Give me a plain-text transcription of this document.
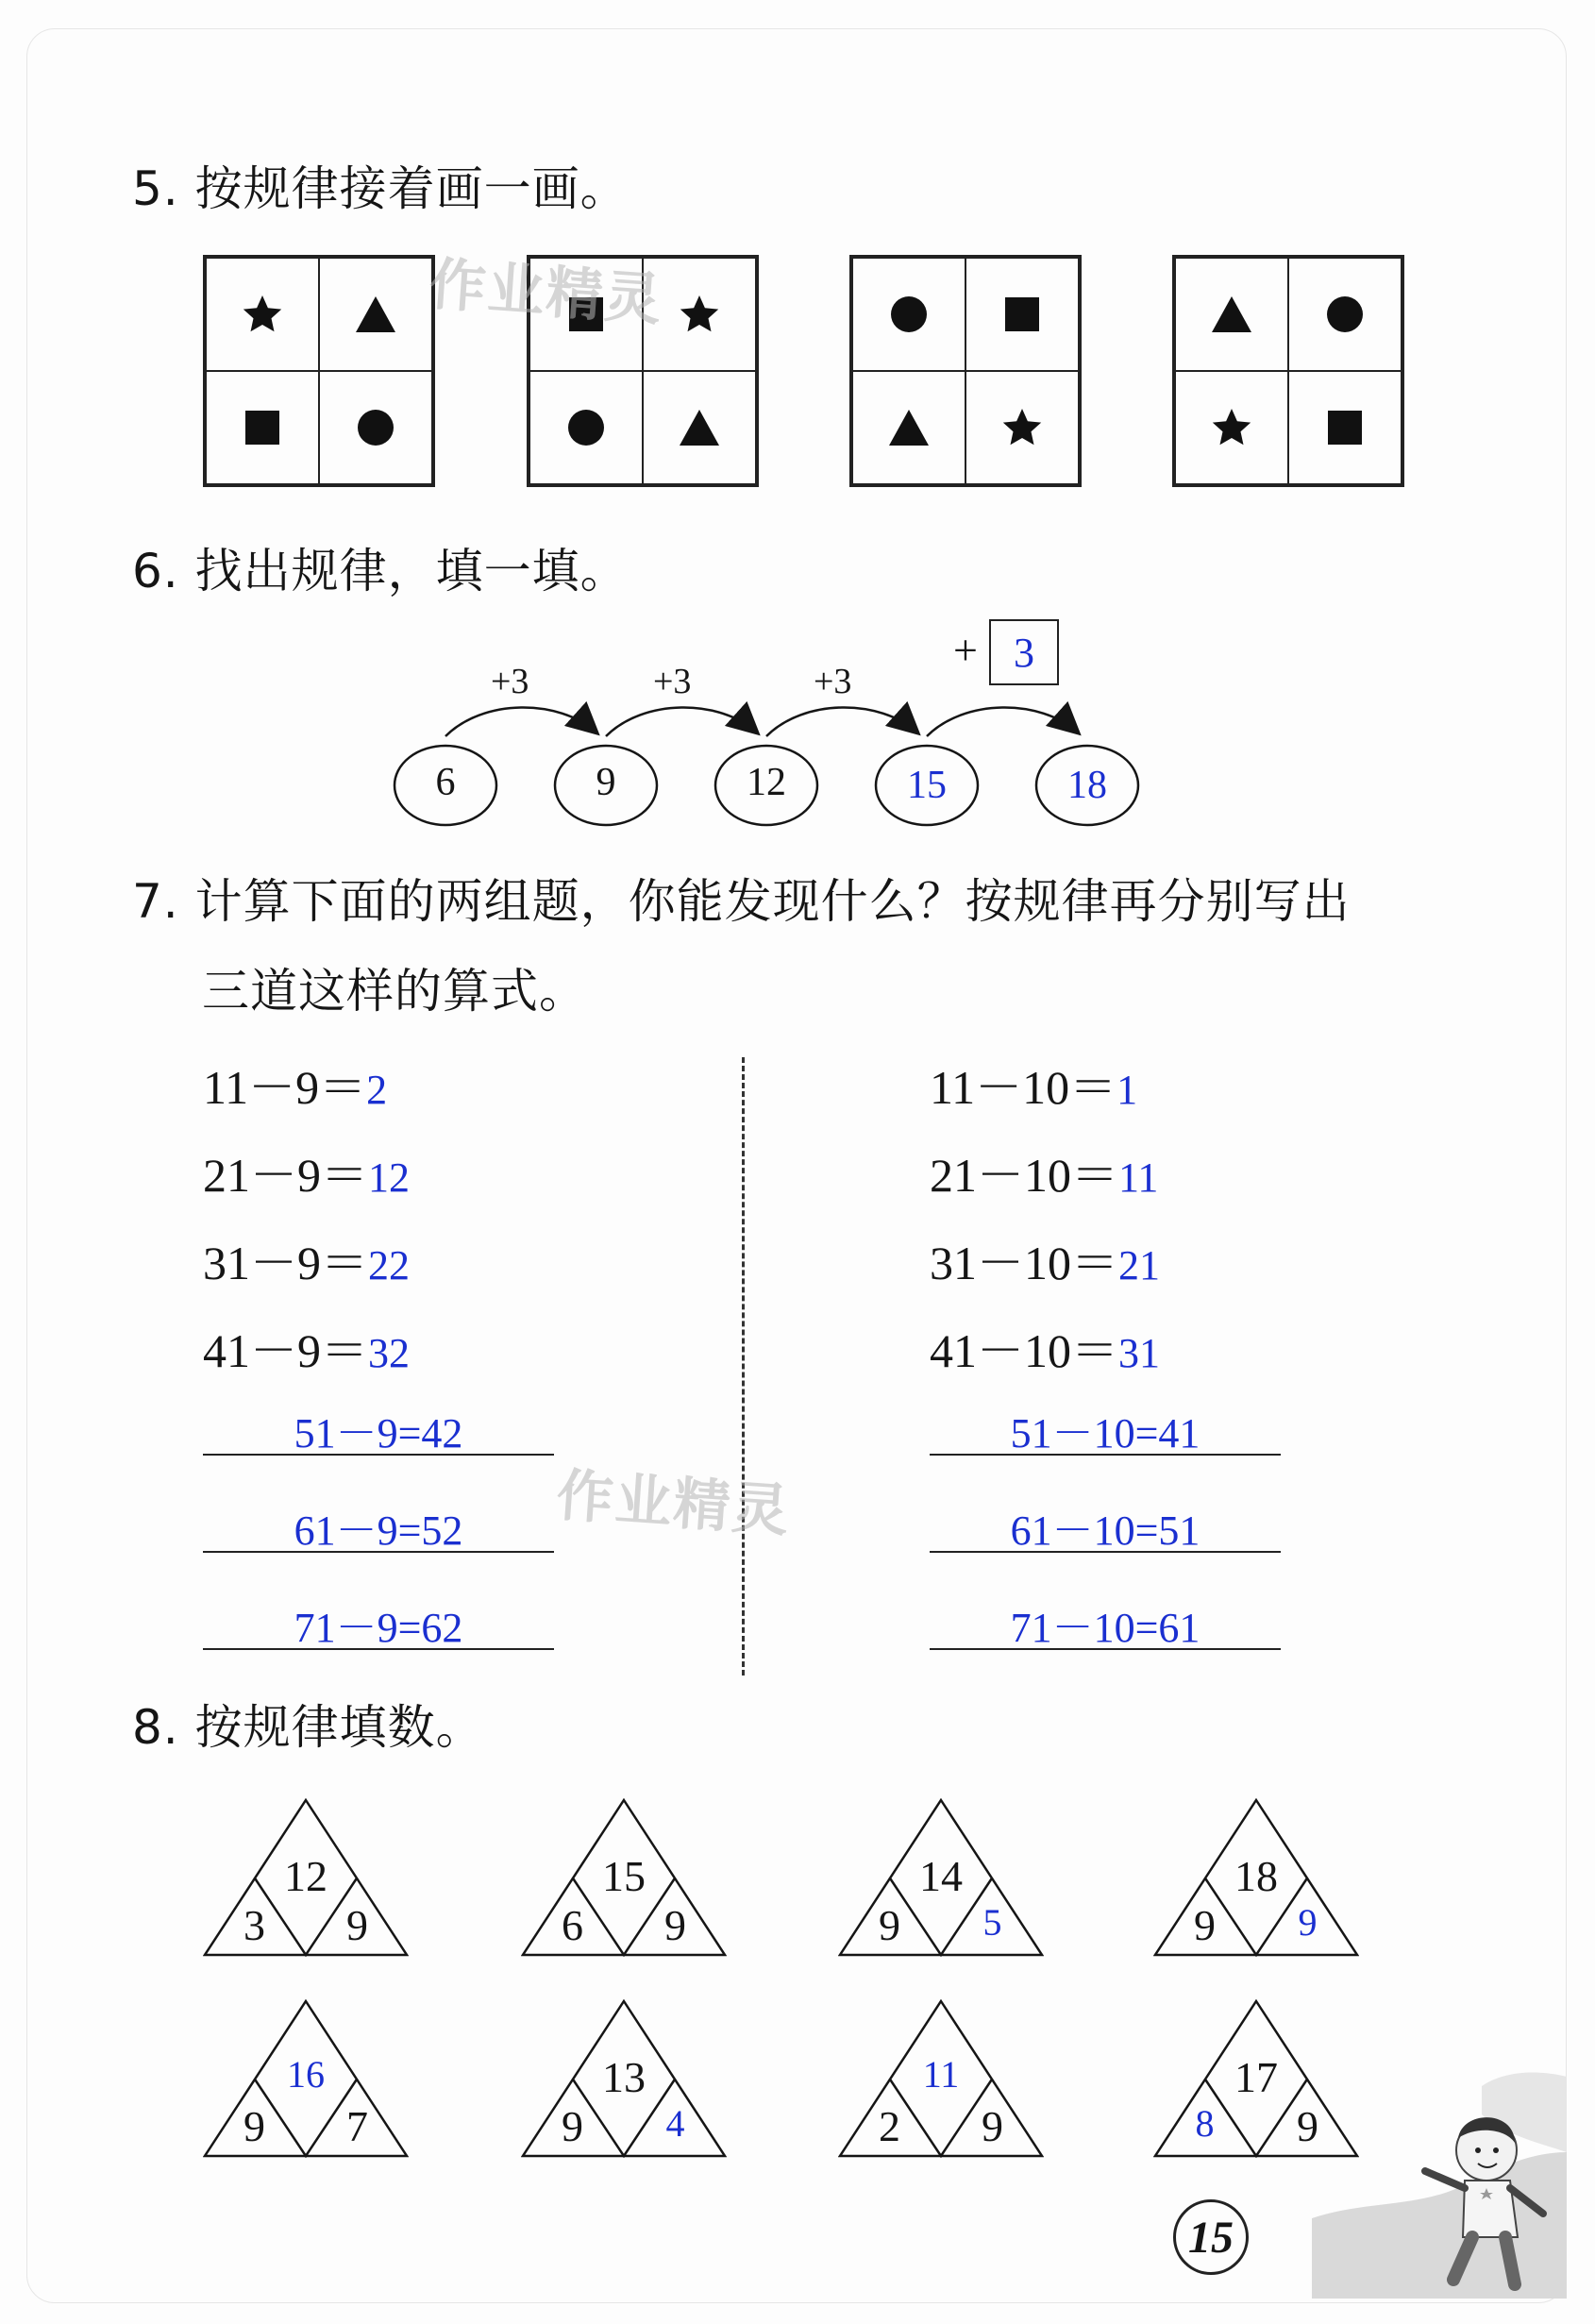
5. 按规律接着画一画。
6. 找出规律，填一填。
+ 3
+3	+3	+3
6	9	12	15	18
7. 计算下面的两组题，你能发现什么？按规律再分别写出
三道这样的算式。
11－9＝2
21－9＝12
31－9＝22
41－9＝32
51－9=42
61－9=52
71－9=62
11－10＝1
21－10＝11
31－10＝21
41－10＝31
51－10=41
61－10=51
71－10=61
8. 按规律填数。
12
3	9
15
6	9
14
9	5
18
9	9
16
9	7
13
9	4
11
2	9
17
8	9
作业精灵
作业精灵
15
